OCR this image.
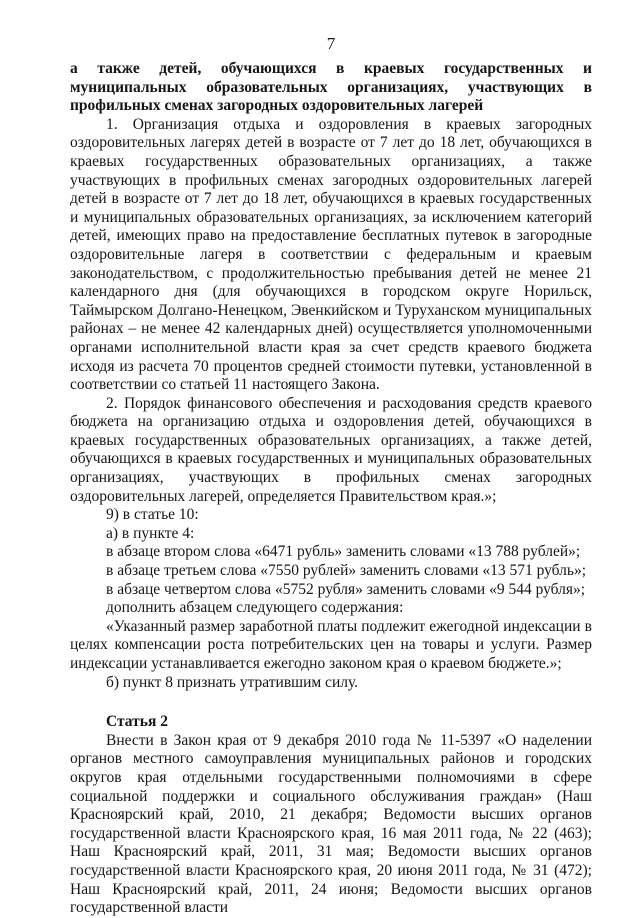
7

а также детей, обучающихся в краевых государственных и муниципальных образовательных организациях, участвующих в профильных сменах загородных оздоровительных лагерей

1. Организация отдыха и оздоровления в краевых загородных оздоровительных лагерях детей в возрасте от 7 лет до 18 лет, обучающихся в краевых государственных образовательных организациях, а также участвующих в профильных сменах загородных оздоровительных лагерей детей в возрасте от 7 лет до 18 лет, обучающихся в краевых государственных и муниципальных образовательных организациях, за исключением категорий детей, имеющих право на предоставление бесплатных путевок в загородные оздоровительные лагеря в соответствии с федеральным и краевым законодательством, с продолжительностью пребывания детей не менее 21 календарного дня (для обучающихся в городском округе Норильск, Таймырском Долгано-Ненецком, Эвенкийском и Туруханском муниципальных районах – не менее 42 календарных дней) осуществляется уполномоченными органами исполнительной власти края за счет средств краевого бюджета исходя из расчета 70 процентов средней стоимости путевки, установленной в соответствии со статьей 11 настоящего Закона.

2. Порядок финансового обеспечения и расходования средств краевого бюджета на организацию отдыха и оздоровления детей, обучающихся в краевых государственных образовательных организациях, а также детей, обучающихся в краевых государственных и муниципальных образовательных организациях, участвующих в профильных сменах загородных оздоровительных лагерей, определяется Правительством края.»;

9) в статье 10:

а) в пункте 4:

в абзаце втором слова «6471 рубль» заменить словами «13 788 рублей»;

в абзаце третьем слова «7550 рублей» заменить словами «13 571 рубль»;

в абзаце четвертом слова «5752 рубля» заменить словами «9 544 рубля»;

дополнить абзацем следующего содержания:

«Указанный размер заработной платы подлежит ежегодной индексации в целях компенсации роста потребительских цен на товары и услуги. Размер индексации устанавливается ежегодно законом края о краевом бюджете.»;

б) пункт 8 признать утратившим силу.

Статья 2

Внести в Закон края от 9 декабря 2010 года № 11-5397 «О наделении органов местного самоуправления муниципальных районов и городских округов края отдельными государственными полномочиями в сфере социальной поддержки и социального обслуживания граждан» (Наш Красноярский край, 2010, 21 декабря; Ведомости высших органов государственной власти Красноярского края, 16 мая 2011 года, № 22 (463); Наш Красноярский край, 2011, 31 мая; Ведомости высших органов государственной власти Красноярского края, 20 июня 2011 года, № 31 (472); Наш Красноярский край, 2011, 24 июня; Ведомости высших органов государственной власти
